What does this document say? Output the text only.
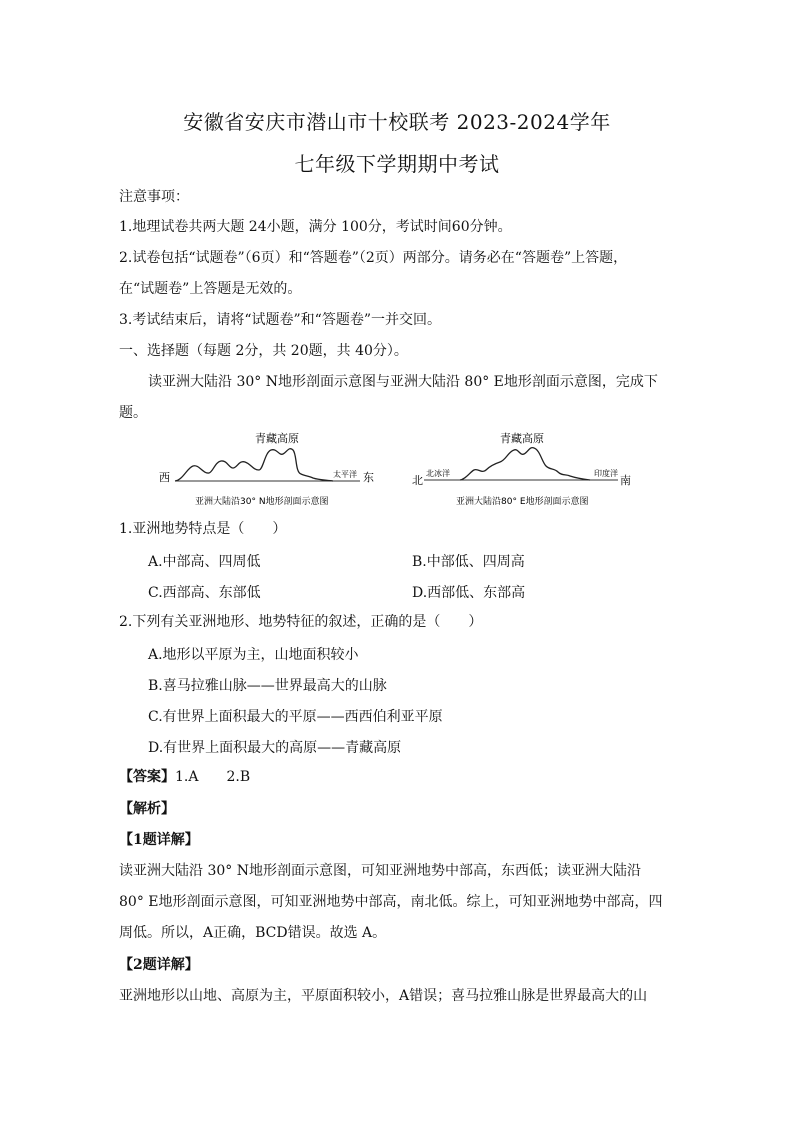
安徽省安庆市潜山市十校联考 2023-2024学年
七年级下学期期中考试
注意事项：
1.地理试卷共两大题 24小题，满分 100分，考试时间60分钟。
2.试卷包括“试题卷”（6页）和“答题卷”（2页）两部分。请务必在“答题卷”上答题，
在“试题卷”上答题是无效的。
3.考试结束后，请将“试题卷”和“答题卷”一并交回。
一、选择题（每题 2分，共 20题，共 40分）。
读亚洲大陆沿 30° N地形剖面示意图与亚洲大陆沿 80° E地形剖面示意图，完成下
题。
青藏高原
西	东
太平洋
亚洲大陆沿30° N地形剖面示意图
青藏高原
北	南
北冰洋	印度洋
亚洲大陆沿80° E地形剖面示意图
1.亚洲地势特点是（　　）
A.中部高、四周低	B.中部低、四周高
C.西部高、东部低	D.西部低、东部高
2.下列有关亚洲地形、地势特征的叙述，正确的是（　　）
A.地形以平原为主，山地面积较小
B.喜马拉雅山脉——世界最高大的山脉
C.有世界上面积最大的平原——西西伯利亚平原
D.有世界上面积最大的高原——青藏高原
【答案】1.A　　2.B
【解析】
【1题详解】
读亚洲大陆沿 30° N地形剖面示意图，可知亚洲地势中部高，东西低；读亚洲大陆沿
80° E地形剖面示意图，可知亚洲地势中部高，南北低。综上，可知亚洲地势中部高，四
周低。所以，A正确，BCD错误。故选 A。
【2题详解】
亚洲地形以山地、高原为主，平原面积较小，A错误；喜马拉雅山脉是世界最高大的山
